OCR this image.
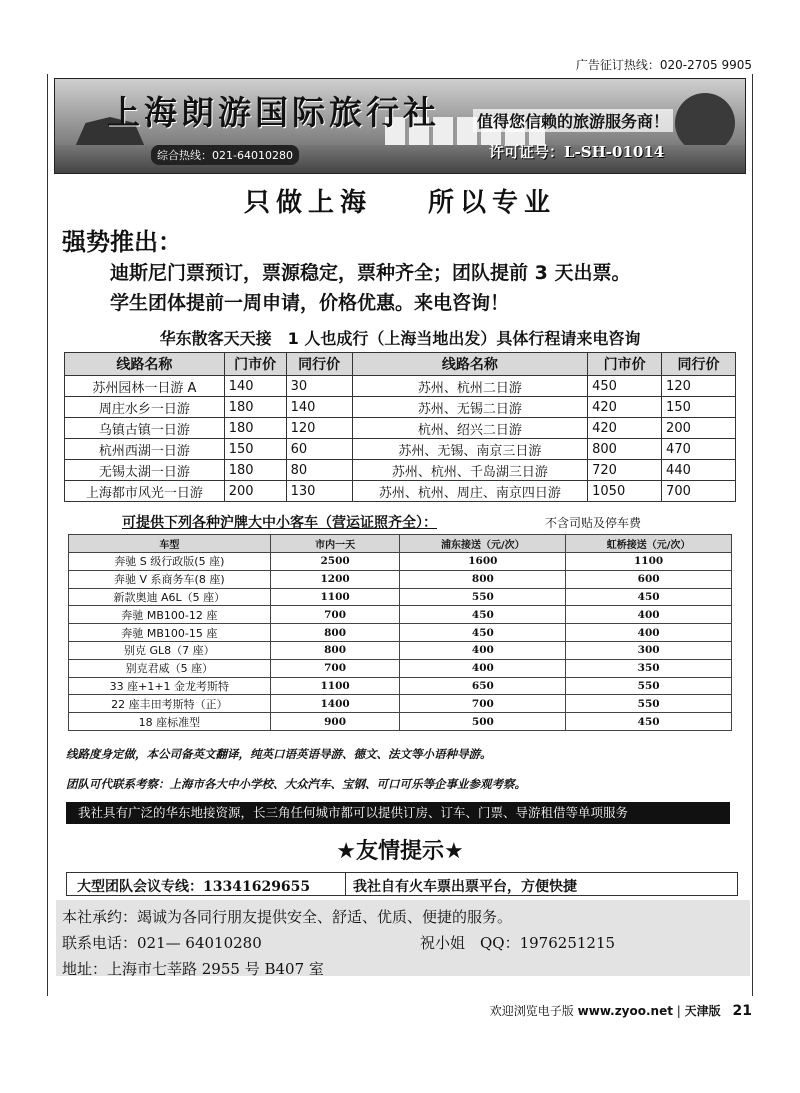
广告征订热线：020-2705 9905
上海朗游国际旅行社 值得您信赖的旅游服务商！
综合热线：021-64010280	许可证号：L-SH-01014
只做上海 所以专业
强势推出：
迪斯尼门票预订，票源稳定，票种齐全；团队提前 3 天出票。
学生团体提前一周申请，价格优惠。来电咨询！
华东散客天天接　1 人也成行（上海当地出发）具体行程请来电咨询
线路名称	门市价	同行价	线路名称	门市价	同行价
苏州园林一日游 A	140	30	苏州、杭州二日游	450	120
周庄水乡一日游	180	140	苏州、无锡二日游	420	150
乌镇古镇一日游	180	120	杭州、绍兴二日游	420	200
杭州西湖一日游	150	60	苏州、无锡、南京三日游	800	470
无锡太湖一日游	180	80	苏州、杭州、千岛湖三日游	720	440
上海都市风光一日游	200	130	苏州、杭州、周庄、南京四日游	1050	700
可提供下列各种沪牌大中小客车（营运证照齐全）：	不含司贴及停车费
车型	市内一天	浦东接送（元/次）	虹桥接送（元/次）
奔驰 S 级行政版(5 座)	2500	1600	1100
奔驰 V 系商务车(8 座)	1200	800	600
新款奥迪 A6L（5 座）	1100	550	450
奔驰 MB100-12 座	700	450	400
奔驰 MB100-15 座	800	450	400
别克 GL8（7 座）	800	400	300
别克君威（5 座）	700	400	350
33 座+1+1 金龙考斯特	1100	650	550
22 座丰田考斯特（正）	1400	700	550
18 座标准型	900	500	450
线路度身定做，本公司备英文翻译，纯英口语英语导游、德文、法文等小语种导游。
团队可代联系考察：上海市各大中小学校、大众汽车、宝钢、可口可乐等企事业参观考察。
我社具有广泛的华东地接资源，长三角任何城市都可以提供订房、订车、门票、导游租借等单项服务
★友情提示★
大型团队会议专线：13341629655	我社自有火车票出票平台，方便快捷
本社承约：竭诚为各同行朋友提供安全、舒适、优质、便捷的服务。
联系电话：021— 64010280	祝小姐　QQ：1976251215
地址：上海市七莘路 2955 号 B407 室
欢迎浏览电子版 www.zyoo.net | 天津版 21
